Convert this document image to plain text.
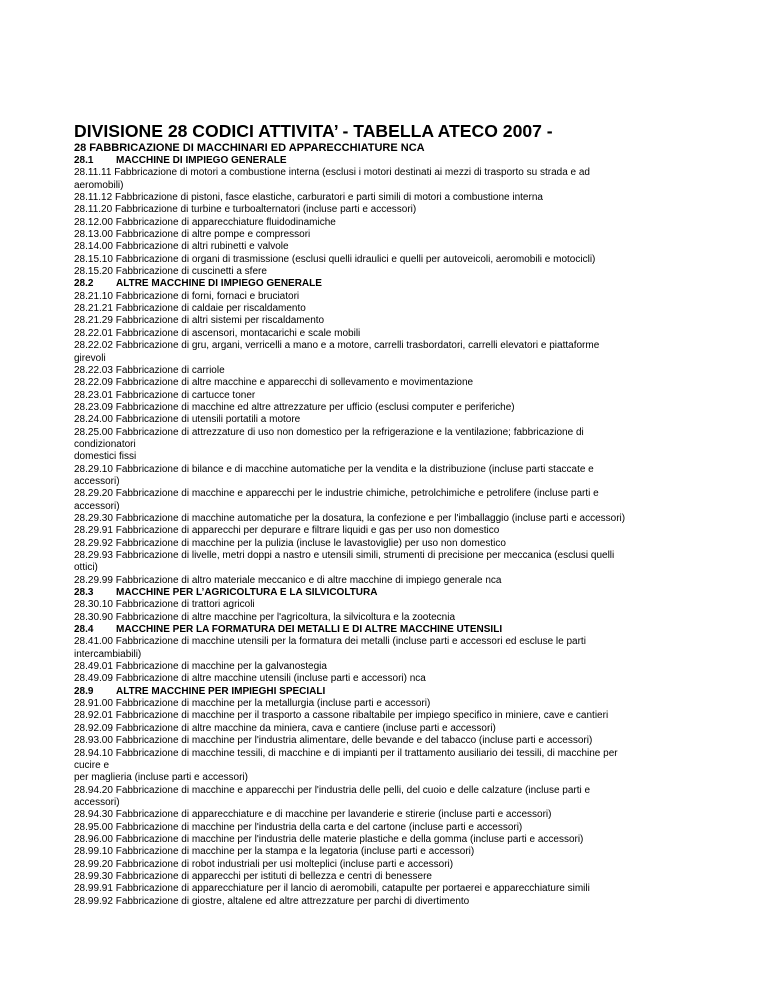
DIVISIONE 28 CODICI ATTIVITA’ - TABELLA ATECO 2007 -
28 FABBRICAZIONE DI MACCHINARI ED APPARECCHIATURE NCA
28.1 MACCHINE DI IMPIEGO GENERALE
28.11.11 Fabbricazione di motori a combustione interna (esclusi i motori destinati ai mezzi di trasporto su strada e ad
aeromobili)
28.11.12 Fabbricazione di pistoni, fasce elastiche, carburatori e parti simili di motori a combustione interna
28.11.20 Fabbricazione di turbine e turboalternatori (incluse parti e accessori)
28.12.00 Fabbricazione di apparecchiature fluidodinamiche
28.13.00 Fabbricazione di altre pompe e compressori
28.14.00 Fabbricazione di altri rubinetti e valvole
28.15.10 Fabbricazione di organi di trasmissione (esclusi quelli idraulici e quelli per autoveicoli, aeromobili e motocicli)
28.15.20 Fabbricazione di cuscinetti a sfere
28.2 ALTRE MACCHINE DI IMPIEGO GENERALE
28.21.10 Fabbricazione di forni, fornaci e bruciatori
28.21.21 Fabbricazione di caldaie per riscaldamento
28.21.29 Fabbricazione di altri sistemi per riscaldamento
28.22.01 Fabbricazione di ascensori, montacarichi e scale mobili
28.22.02 Fabbricazione di gru, argani, verricelli a mano e a motore, carrelli trasbordatori, carrelli elevatori e piattaforme
girevoli
28.22.03 Fabbricazione di carriole
28.22.09 Fabbricazione di altre macchine e apparecchi di sollevamento e movimentazione
28.23.01 Fabbricazione di cartucce toner
28.23.09 Fabbricazione di macchine ed altre attrezzature per ufficio (esclusi computer e periferiche)
28.24.00 Fabbricazione di utensili portatili a motore
28.25.00 Fabbricazione di attrezzature di uso non domestico per la refrigerazione e la ventilazione; fabbricazione di
condizionatori
domestici fissi
28.29.10 Fabbricazione di bilance e di macchine automatiche per la vendita e la distribuzione (incluse parti staccate e
accessori)
28.29.20 Fabbricazione di macchine e apparecchi per le industrie chimiche, petrolchimiche e petrolifere (incluse parti e
accessori)
28.29.30 Fabbricazione di macchine automatiche per la dosatura, la confezione e per l'imballaggio (incluse parti e accessori)
28.29.91 Fabbricazione di apparecchi per depurare e filtrare liquidi e gas per uso non domestico
28.29.92 Fabbricazione di macchine per la pulizia (incluse le lavastoviglie) per uso non domestico
28.29.93 Fabbricazione di livelle, metri doppi a nastro e utensili simili, strumenti di precisione per meccanica (esclusi quelli
ottici)
28.29.99 Fabbricazione di altro materiale meccanico e di altre macchine di impiego generale nca
28.3 MACCHINE PER L’AGRICOLTURA E LA SILVICOLTURA
28.30.10 Fabbricazione di trattori agricoli
28.30.90 Fabbricazione di altre macchine per l'agricoltura, la silvicoltura e la zootecnia
28.4 MACCHINE PER LA FORMATURA DEI METALLI E DI ALTRE MACCHINE UTENSILI
28.41.00 Fabbricazione di macchine utensili per la formatura dei metalli (incluse parti e accessori ed escluse le parti
intercambiabili)
28.49.01 Fabbricazione di macchine per la galvanostegia
28.49.09 Fabbricazione di altre macchine utensili (incluse parti e accessori) nca
28.9 ALTRE MACCHINE PER IMPIEGHI SPECIALI
28.91.00 Fabbricazione di macchine per la metallurgia (incluse parti e accessori)
28.92.01 Fabbricazione di macchine per il trasporto a cassone ribaltabile per impiego specifico in miniere, cave e cantieri
28.92.09 Fabbricazione di altre macchine da miniera, cava e cantiere (incluse parti e accessori)
28.93.00 Fabbricazione di macchine per l'industria alimentare, delle bevande e del tabacco (incluse parti e accessori)
28.94.10 Fabbricazione di macchine tessili, di macchine e di impianti per il trattamento ausiliario dei tessili, di macchine per
cucire e
per maglieria (incluse parti e accessori)
28.94.20 Fabbricazione di macchine e apparecchi per l'industria delle pelli, del cuoio e delle calzature (incluse parti e
accessori)
28.94.30 Fabbricazione di apparecchiature e di macchine per lavanderie e stirerie (incluse parti e accessori)
28.95.00 Fabbricazione di macchine per l'industria della carta e del cartone (incluse parti e accessori)
28.96.00 Fabbricazione di macchine per l'industria delle materie plastiche e della gomma (incluse parti e accessori)
28.99.10 Fabbricazione di macchine per la stampa e la legatoria (incluse parti e accessori)
28.99.20 Fabbricazione di robot industriali per usi molteplici (incluse parti e accessori)
28.99.30 Fabbricazione di apparecchi per istituti di bellezza e centri di benessere
28.99.91 Fabbricazione di apparecchiature per il lancio di aeromobili, catapulte per portaerei e apparecchiature simili
28.99.92 Fabbricazione di giostre, altalene ed altre attrezzature per parchi di divertimento
